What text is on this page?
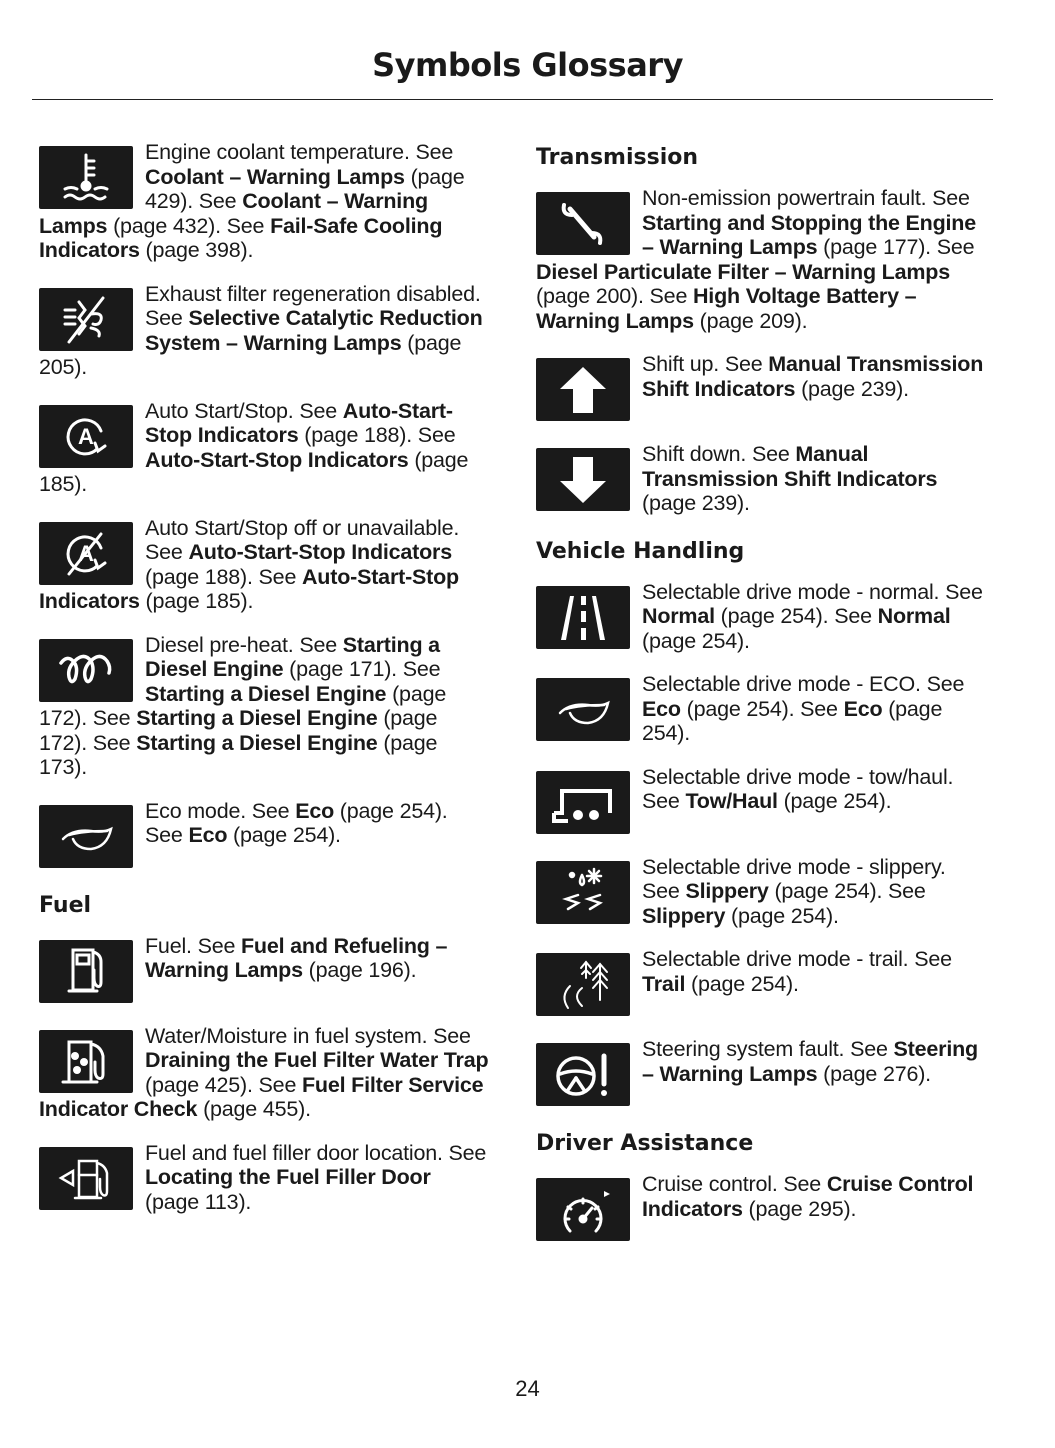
Symbols Glossary
Engine coolant temperature. See Coolant – Warning Lamps (page 429). See Coolant – Warning Lamps (page 432). See Fail-Safe Cooling Indicators (page 398).
Exhaust filter regeneration disabled. See Selective Catalytic Reduction System – Warning Lamps (page 205).
A
Auto Start/Stop. See Auto-Start-Stop Indicators (page 188). See Auto-Start-Stop Indicators (page 185).
A
Auto Start/Stop off or unavailable. See Auto-Start-Stop Indicators (page 188). See Auto-Start-Stop Indicators (page 185).
Diesel pre-heat. See Starting a Diesel Engine (page 171). See Starting a Diesel Engine (page 172). See Starting a Diesel Engine (page 172). See Starting a Diesel Engine (page 173).
Eco mode. See Eco (page 254). See Eco (page 254).
Fuel
Fuel. See Fuel and Refueling – Warning Lamps (page 196).
Water/Moisture in fuel system. See Draining the Fuel Filter Water Trap (page 425). See Fuel Filter Service Indicator Check (page 455).
Fuel and fuel filler door location. See Locating the Fuel Filler Door (page 113).
Transmission
Non-emission powertrain fault. See Starting and Stopping the Engine – Warning Lamps (page 177). See Diesel Particulate Filter – Warning Lamps (page 200). See High Voltage Battery – Warning Lamps (page 209).
Shift up. See Manual Transmission Shift Indicators (page 239).
Shift down. See Manual Transmission Shift Indicators (page 239).
Vehicle Handling
Selectable drive mode - normal. See Normal (page 254). See Normal (page 254).
Selectable drive mode - ECO. See Eco (page 254). See Eco (page 254).
Selectable drive mode - tow/haul. See Tow/Haul (page 254).
Selectable drive mode - slippery. See Slippery (page 254). See Slippery (page 254).
Selectable drive mode - trail. See Trail (page 254).
Steering system fault. See Steering – Warning Lamps (page 276).
Driver Assistance
Cruise control. See Cruise Control Indicators (page 295).
24
